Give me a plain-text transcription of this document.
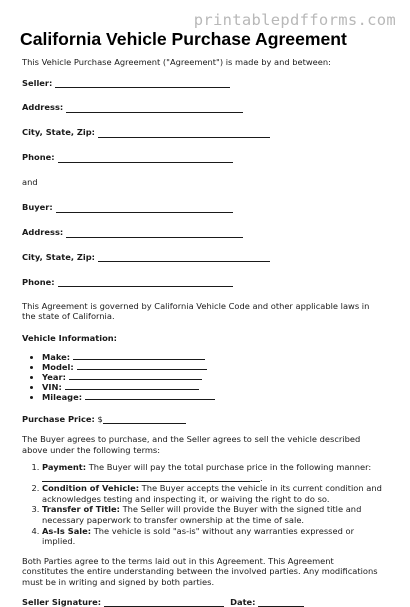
printablepdfforms.com
California Vehicle Purchase Agreement

This Vehicle Purchase Agreement ("Agreement") is made by and between:

Seller:
Address:
City, State, Zip:
Phone:

and

Buyer:
Address:
City, State, Zip:
Phone:

This Agreement is governed by California Vehicle Code and other applicable laws in the state of California.

Vehicle Information:

• Make:
• Model:
• Year:
• VIN:
• Mileage:
Purchase Price:
$

The Buyer agrees to purchase, and the Seller agrees to sell the vehicle described above under the following terms:

1. Payment: The Buyer will pay the total purchase price in the following manner:
.
2. Condition of Vehicle: The Buyer accepts the vehicle in its current condition and acknowledges testing and inspecting it, or waiving the right to do so.
3. Transfer of Title: The Seller will provide the Buyer with the signed title and necessary paperwork to transfer ownership at the time of sale.
4. As-Is Sale: The vehicle is sold "as-is" without any warranties expressed or implied.

Both Parties agree to the terms laid out in this Agreement. This Agreement constitutes the entire understanding between the involved parties. Any modifications must be in writing and signed by both parties.

Seller Signature:	Date:
